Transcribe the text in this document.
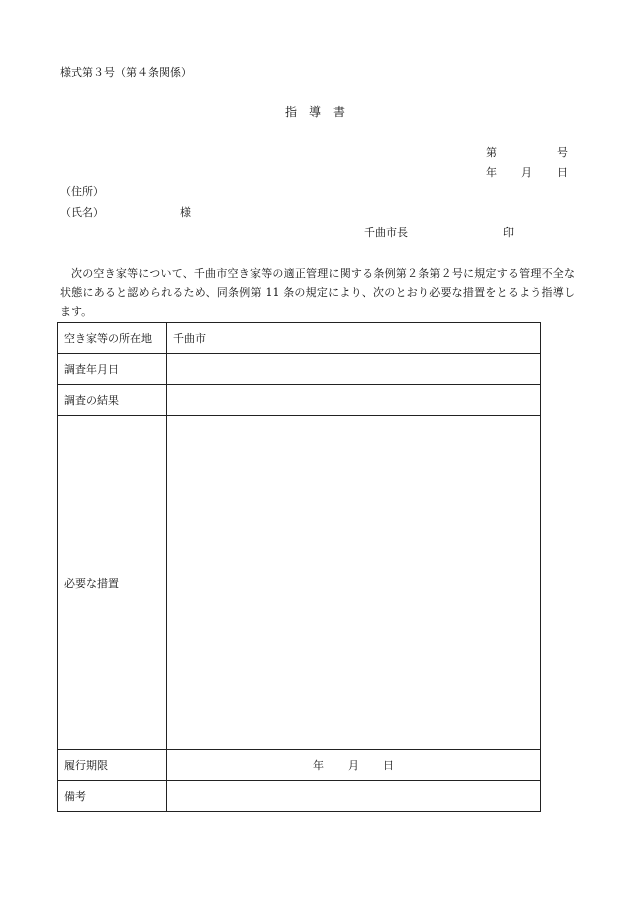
様式第３号（第４条関係）
指　導　書
第	号
年 月 日
（住所）
（氏名）	様
千曲市長	印
次の空き家等について、千曲市空き家等の適正管理に関する条例第２条第２号に規定する管理不全な状態にあると認められるため、同条例第 11 条の規定により、次のとおり必要な措置をとるよう指導します。
空き家等の所在地	千曲市
調査年月日	
調査の結果	
必要な措置	
履行期限	年 月 日
備考	
